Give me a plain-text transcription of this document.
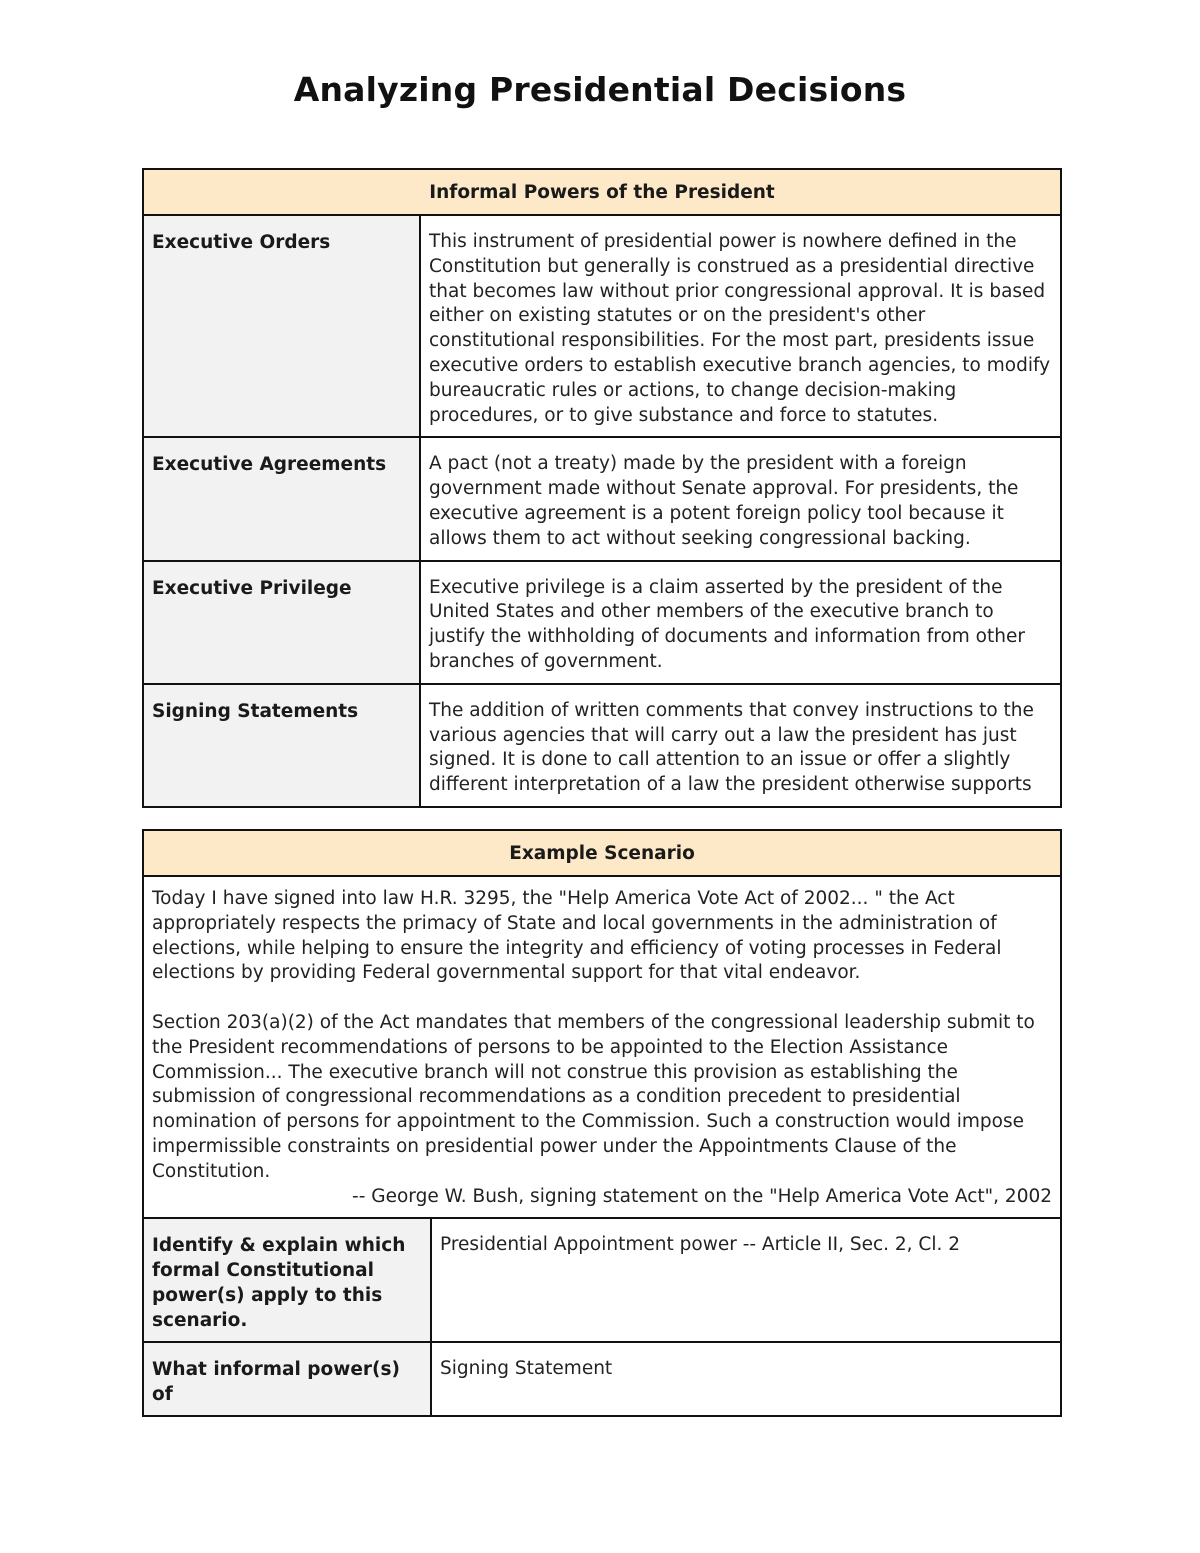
Analyzing Presidential Decisions
Informal Powers of the President	
Executive Orders	This instrument of presidential power is nowhere defined in the Constitution but generally is construed as a presidential directive that becomes law without prior congressional approval. It is based either on existing statutes or on the president's other constitutional responsibilities. For the most part, presidents issue executive orders to establish executive branch agencies, to modify bureaucratic rules or actions, to change decision-making procedures, or to give substance and force to statutes.
Executive Agreements	A pact (not a treaty) made by the president with a foreign government made without Senate approval. For presidents, the executive agreement is a potent foreign policy tool because it allows them to act without seeking congressional backing.
Executive Privilege	Executive privilege is a claim asserted by the president of the United States and other members of the executive branch to justify the withholding of documents and information from other branches of government.
Signing Statements	The addition of written comments that convey instructions to the various agencies that will carry out a law the president has just signed. It is done to call attention to an issue or offer a slightly different interpretation of a law the president otherwise supports
Example Scenario	

Today I have signed into law H.R. 3295, the "Help America Vote Act of 2002... " the Act appropriately respects the primacy of State and local governments in the administration of elections, while helping to ensure the integrity and efficiency of voting processes in Federal elections by providing Federal governmental support for that vital endeavor.

Section 203(a)(2) of the Act mandates that members of the congressional leadership submit to the President recommendations of persons to be appointed to the Election Assistance Commission... The executive branch will not construe this provision as establishing the submission of congressional recommendations as a condition precedent to presidential nomination of persons for appointment to the Commission. Such a construction would impose impermissible constraints on presidential power under the Appointments Clause of the Constitution.

-- George W. Bush, signing statement on the "Help America Vote Act", 2002	

Identify & explain which formal Constitutional power(s) apply to this scenario.	Presidential Appointment power -- Article II, Sec. 2, Cl. 2
What informal power(s) of	Signing Statement
